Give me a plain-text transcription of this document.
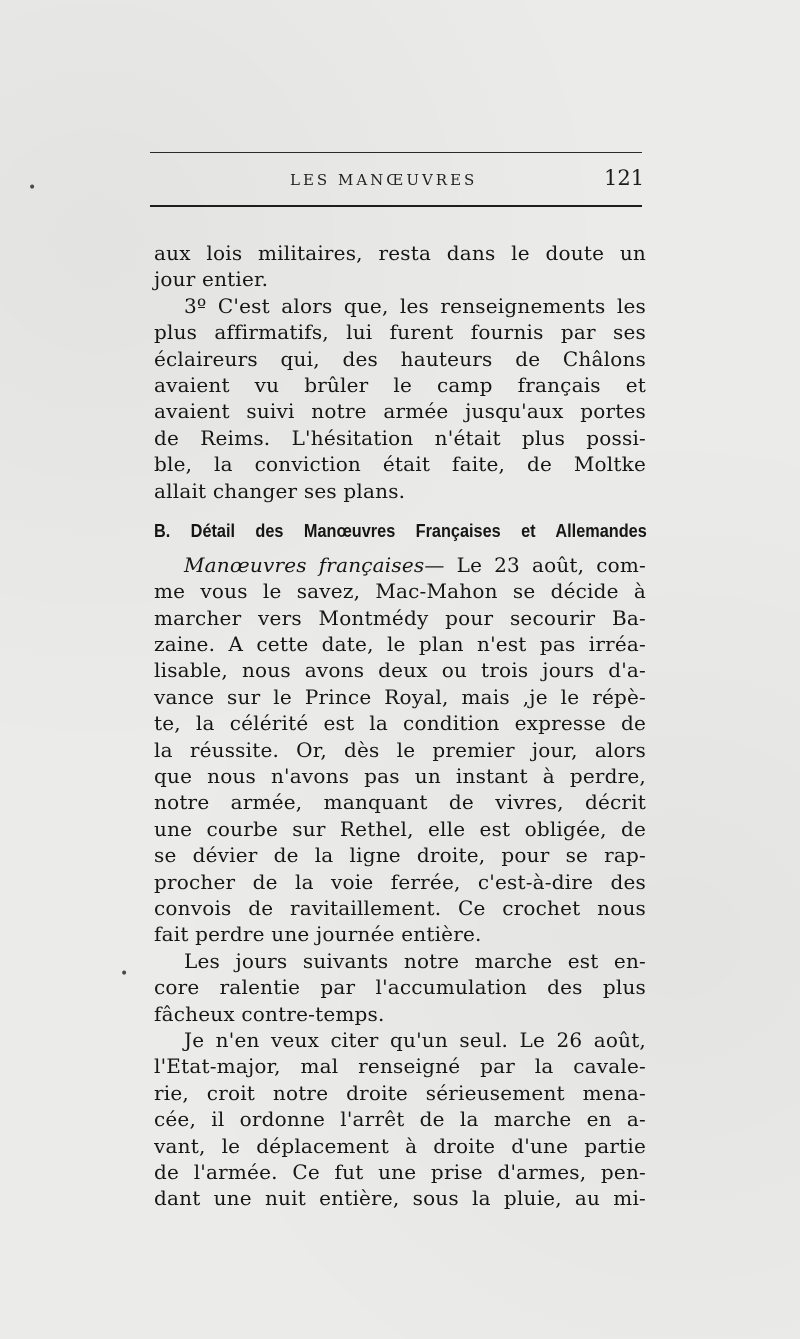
LES MANŒUVRES	121
•
•
aux lois militaires, resta dans le doute un
jour entier.
3º C'est alors que, les renseignements les
plus affirmatifs, lui furent fournis par ses
éclaireurs qui, des hauteurs de Châlons
avaient vu brûler le camp français et
avaient suivi notre armée jusqu'aux portes
de Reims. L'hésitation n'était plus possi-
ble, la conviction était faite, de Moltke
allait changer ses plans.
B. Détail des Manœuvres Françaises et Allemandes
Manœuvres françaises— Le 23 août, com-
me vous le savez, Mac-Mahon se décide à
marcher vers Montmédy pour secourir Ba-
zaine. A cette date, le plan n'est pas irréa-
lisable, nous avons deux ou trois jours d'a-
vance sur le Prince Royal, mais ,je le répè-
te, la célérité est la condition expresse de
la réussite. Or, dès le premier jour, alors
que nous n'avons pas un instant à perdre,
notre armée, manquant de vivres, décrit
une courbe sur Rethel, elle est obligée, de
se dévier de la ligne droite, pour se rap-
procher de la voie ferrée, c'est-à-dire des
convois de ravitaillement. Ce crochet nous
fait perdre une journée entière.
Les jours suivants notre marche est en-
core ralentie par l'accumulation des plus
fâcheux contre-temps.
Je n'en veux citer qu'un seul. Le 26 août,
l'Etat-major, mal renseigné par la cavale-
rie, croit notre droite sérieusement mena-
cée, il ordonne l'arrêt de la marche en a-
vant, le déplacement à droite d'une partie
de l'armée. Ce fut une prise d'armes, pen-
dant une nuit entière, sous la pluie, au mi-
